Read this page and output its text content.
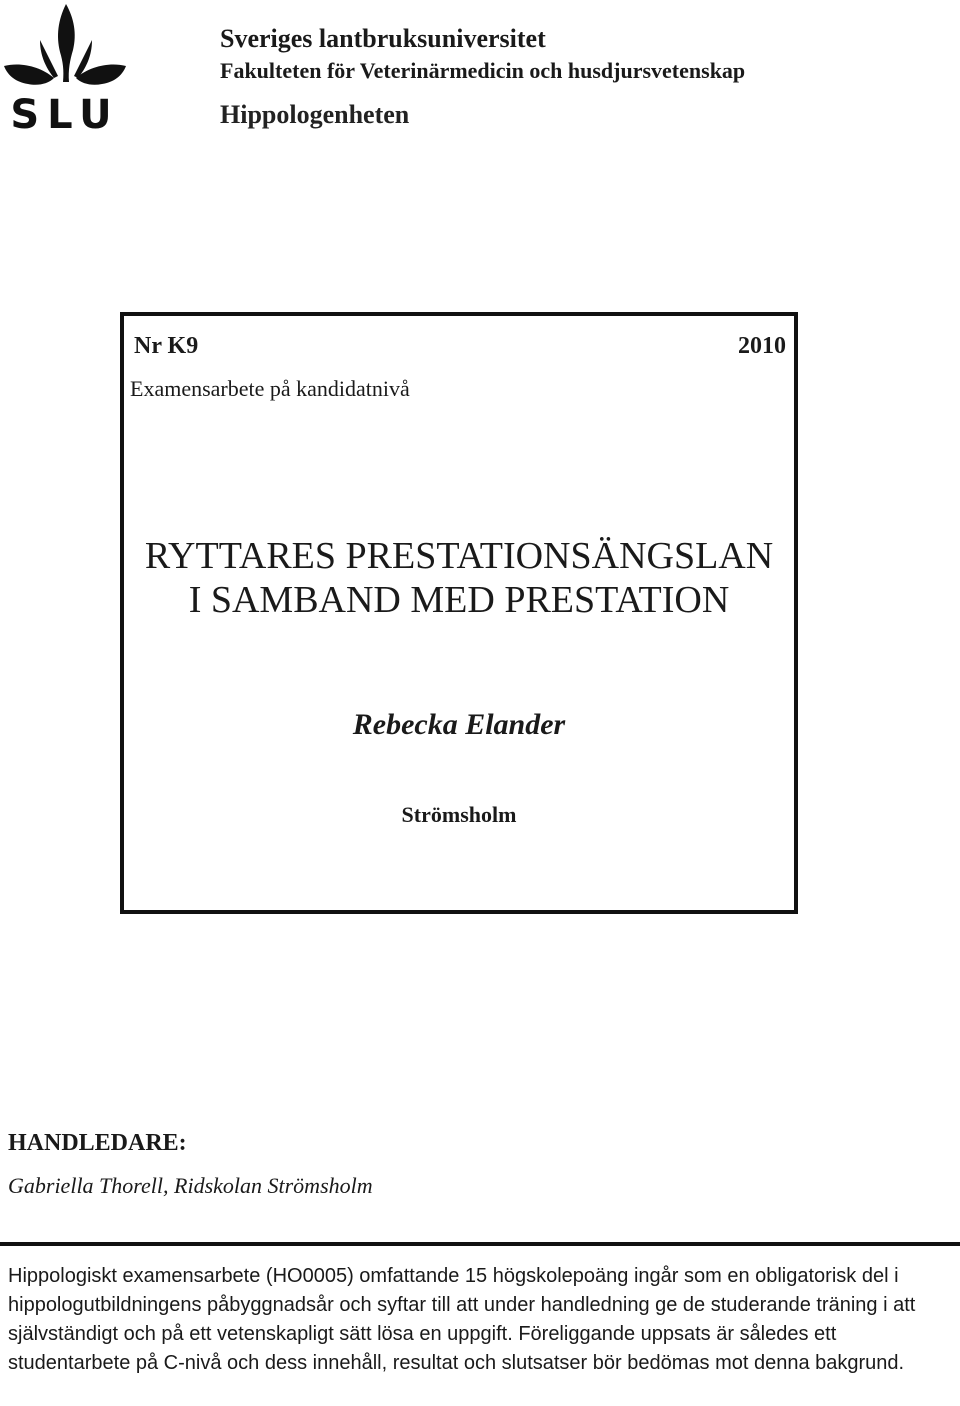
SLU
Sveriges lantbruksuniversitet
Fakulteten för Veterinärmedicin och husdjursvetenskap
Hippologenheten
Nr K9	2010
Examensarbete på kandidatnivå
RYTTARES PRESTATIONSÄNGSLAN
I SAMBAND MED PRESTATION
Rebecka Elander
Strömsholm
HANDLEDARE:
Gabriella Thorell, Ridskolan Strömsholm
Hippologiskt examensarbete (HO0005) omfattande 15 högskolepoäng ingår som en obligatorisk del i hippologutbildningens påbyggnadsår och syftar till att under handledning ge de studerande träning i att självständigt och på ett vetenskapligt sätt lösa en uppgift. Föreliggande uppsats är således ett studentarbete på C-nivå och dess innehåll, resultat och slutsatser bör bedömas mot denna bakgrund.
